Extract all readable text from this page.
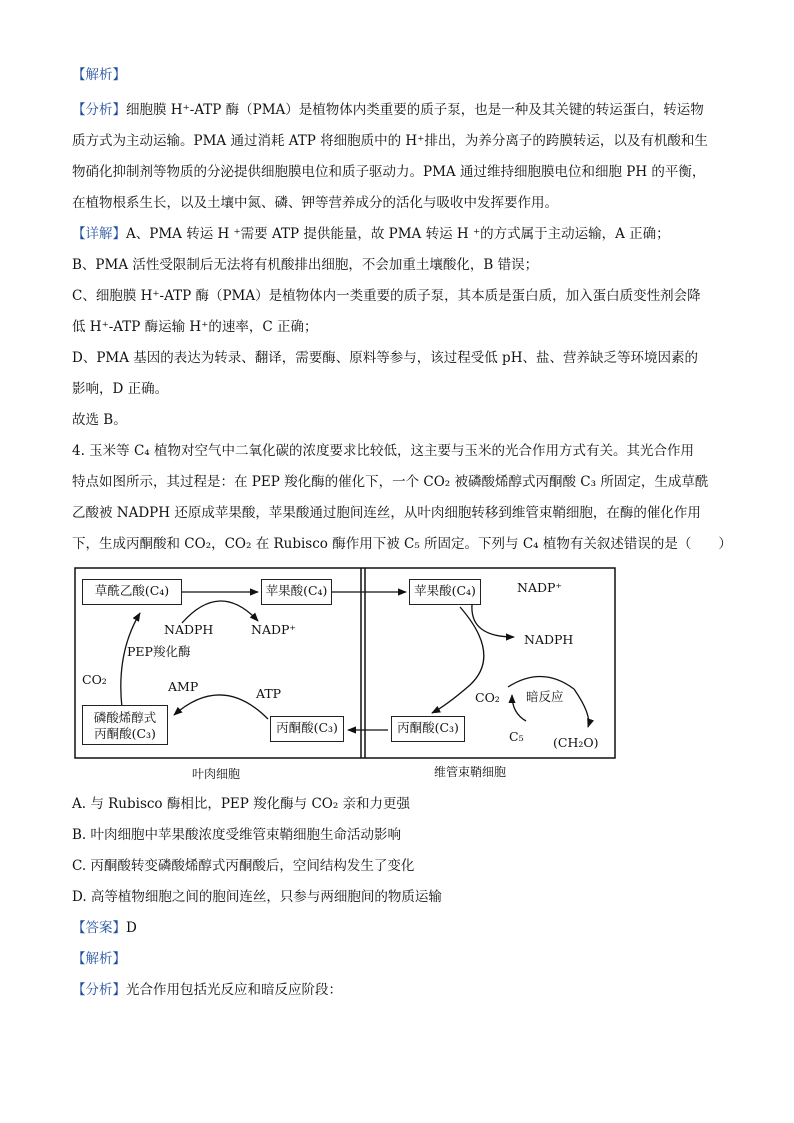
【解析】
【分析】细胞膜 H⁺-ATP 酶（PMA）是植物体内类重要的质子泵，也是一种及其关键的转运蛋白，转运物
质方式为主动运输。PMA 通过消耗 ATP 将细胞质中的 H⁺排出，为养分离子的跨膜转运，以及有机酸和生
物硝化抑制剂等物质的分泌提供细胞膜电位和质子驱动力。PMA 通过维持细胞膜电位和细胞 PH 的平衡，
在植物根系生长，以及土壤中氮、磷、钾等营养成分的活化与吸收中发挥要作用。
【详解】A、PMA 转运 H ⁺需要 ATP 提供能量，故 PMA 转运 H ⁺的方式属于主动运输，A 正确；
B、PMA 活性受限制后无法将有机酸排出细胞，不会加重土壤酸化，B 错误；
C、细胞膜 H⁺-ATP 酶（PMA）是植物体内一类重要的质子泵，其本质是蛋白质，加入蛋白质变性剂会降
低 H⁺-ATP 酶运输 H⁺的速率，C 正确；
D、PMA 基因的表达为转录、翻译，需要酶、原料等参与，该过程受低 pH、盐、营养缺乏等环境因素的
影响，D 正确。
故选 B。
4. 玉米等 C₄ 植物对空气中二氧化碳的浓度要求比较低，这主要与玉米的光合作用方式有关。其光合作用
特点如图所示，其过程是：在 PEP 羧化酶的催化下，一个 CO₂ 被磷酸烯醇式丙酮酸 C₃ 所固定，生成草酰
乙酸被 NADPH 还原成苹果酸，苹果酸通过胞间连丝，从叶肉细胞转移到维管束鞘细胞，在酶的催化作用
下，生成丙酮酸和 CO₂，CO₂ 在 Rubisco 酶作用下被 C₅ 所固定。下列与 C₄ 植物有关叙述错误的是（　　）
草酰乙酸(C₄)	苹果酸(C₄)	苹果酸(C₄)
磷酸烯醇式
丙酮酸(C₃)	丙酮酸(C₃)	丙酮酸(C₃)
NADPH	NADP⁺
PEP羧化酶
CO₂	AMP	ATP
NADP⁺
NADPH
CO₂ 暗反应
C₅ (CH₂O)
叶肉细胞	维管束鞘细胞
A. 与 Rubisco 酶相比，PEP 羧化酶与 CO₂ 亲和力更强
B. 叶肉细胞中苹果酸浓度受维管束鞘细胞生命活动影响
C. 丙酮酸转变磷酸烯醇式丙酮酸后，空间结构发生了变化
D. 高等植物细胞之间的胞间连丝，只参与两细胞间的物质运输
【答案】D
【解析】
【分析】光合作用包括光反应和暗反应阶段：
